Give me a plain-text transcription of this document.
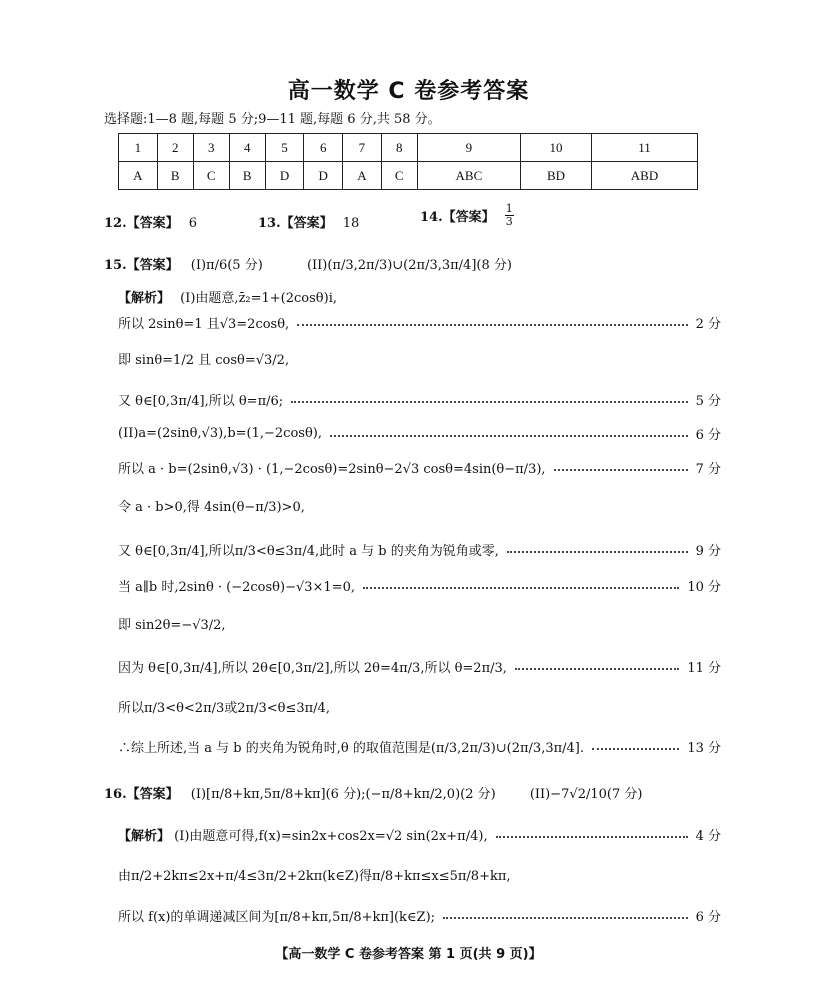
高一数学 C 卷参考答案
选择题:1—8 题,每题 5 分;9—11 题,每题 6 分,共 58 分。
1	2	3	4	5	6	7	8	9	10	11
A	B	C	B	D	D	A	C	ABC	BD	ABD
12.【答案】 6	13.【答案】 18	14.【答案】 $\frac{1}{3}$
15.【答案】 (I)π/6(5 分)	(II)(π/3,2π/3)∪(2π/3,3π/4](8 分)
【解析】 (I)由题意,z̄₂=1+(2cosθ)i,
所以 2sinθ=1 且√3=2cosθ,	2 分
即 sinθ=1/2 且 cosθ=√3/2,
又 θ∈[0,3π/4],所以 θ=π/6;	5 分
(II)a=(2sinθ,√3),b=(1,−2cosθ),	6 分
所以 a · b=(2sinθ,√3) · (1,−2cosθ)=2sinθ−2√3 cosθ=4sin(θ−π/3),	7 分
令 a · b>0,得 4sin(θ−π/3)>0,
又 θ∈[0,3π/4],所以π/3<θ≤3π/4,此时 a 与 b 的夹角为锐角或零,	9 分
当 a∥b 时,2sinθ · (−2cosθ)−√3×1=0,	10 分
即 sin2θ=−√3/2,
因为 θ∈[0,3π/4],所以 2θ∈[0,3π/2],所以 2θ=4π/3,所以 θ=2π/3,	11 分
所以π/3<θ<2π/3或2π/3<θ≤3π/4,
∴综上所述,当 a 与 b 的夹角为锐角时,θ 的取值范围是(π/3,2π/3)∪(2π/3,3π/4].	13 分
16.【答案】 (I)[π/8+kπ,5π/8+kπ](6 分);(−π/8+kπ/2,0)(2 分)	(II)−7√2/10(7 分)
【解析】 (I)由题意可得,f(x)=sin2x+cos2x=√2 sin(2x+π/4),	4 分
由π/2+2kπ≤2x+π/4≤3π/2+2kπ(k∈Z)得π/8+kπ≤x≤5π/8+kπ,
所以 f(x)的单调递减区间为[π/8+kπ,5π/8+kπ](k∈Z);	6 分
【高一数学 C 卷参考答案 第 1 页(共 9 页)】
